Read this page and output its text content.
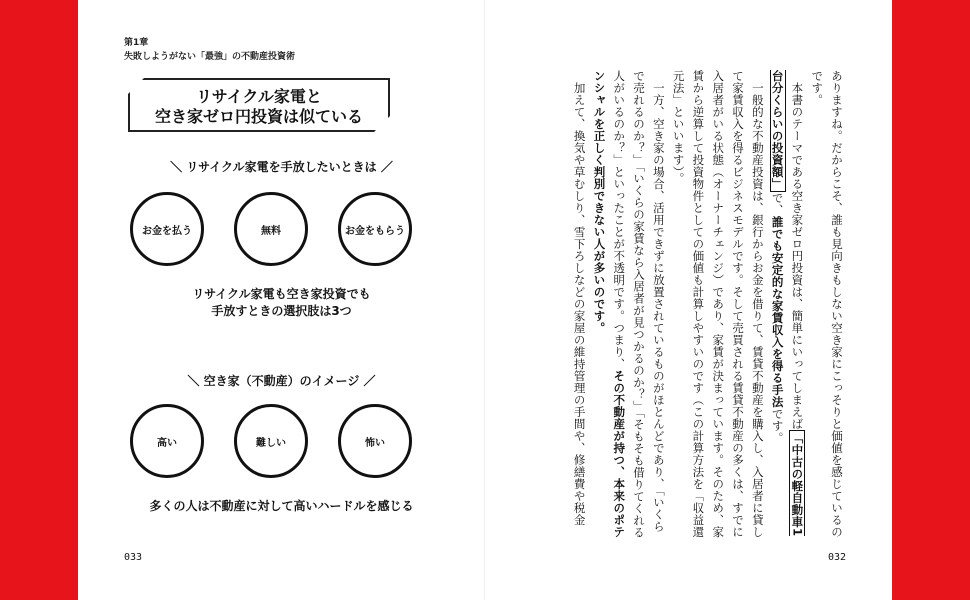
第1章
失敗しようがない「最強」の不動産投資術
リサイクル家電と
空き家ゼロ円投資は似ている
＼ リサイクル家電を手放したいときは ／
お金を払う	無料	お金をもらう
リサイクル家電も空き家投資でも
手放すときの選択肢は3つ
＼ 空き家（不動産）のイメージ ／
高い	難しい	怖い
多くの人は不動産に対して高いハードルを感じる
033

ありますね。だからこそ、誰も見向きもしない空き家にこっそりと価値を感じているのです。

本書のテーマである空き家ゼロ円投資は、簡単にいってしまえば「中古の軽自動車1台分くらいの投資額」で、誰でも安定的な家賃収入を得る手法です。

一般的な不動産投資は、銀行からお金を借りて、賃貸不動産を購入し、入居者に貸して家賃収入を得るビジネスモデルです。そして売買される賃貸不動産の多くは、すでに入居者がいる状態（オーナーチェンジ）であり、家賃が決まっています。そのため、家賃から逆算して投資物件としての価値も計算しやすいのです（この計算方法を「収益還元法」といいます）。

一方、空き家の場合、活用できずに放置されているものがほとんどであり、「いくらで売れるのか？」「いくらの家賃なら入居者が見つかるのか？」「そもそも借りてくれる人がいるのか？」といったことが不透明です。つまり、その不動産が持つ、本来のポテンシャルを正しく判別できない人が多いのです。

加えて、換気や草むしり、雪下ろしなどの家屋の維持管理の手間や、修繕費や税金

032
